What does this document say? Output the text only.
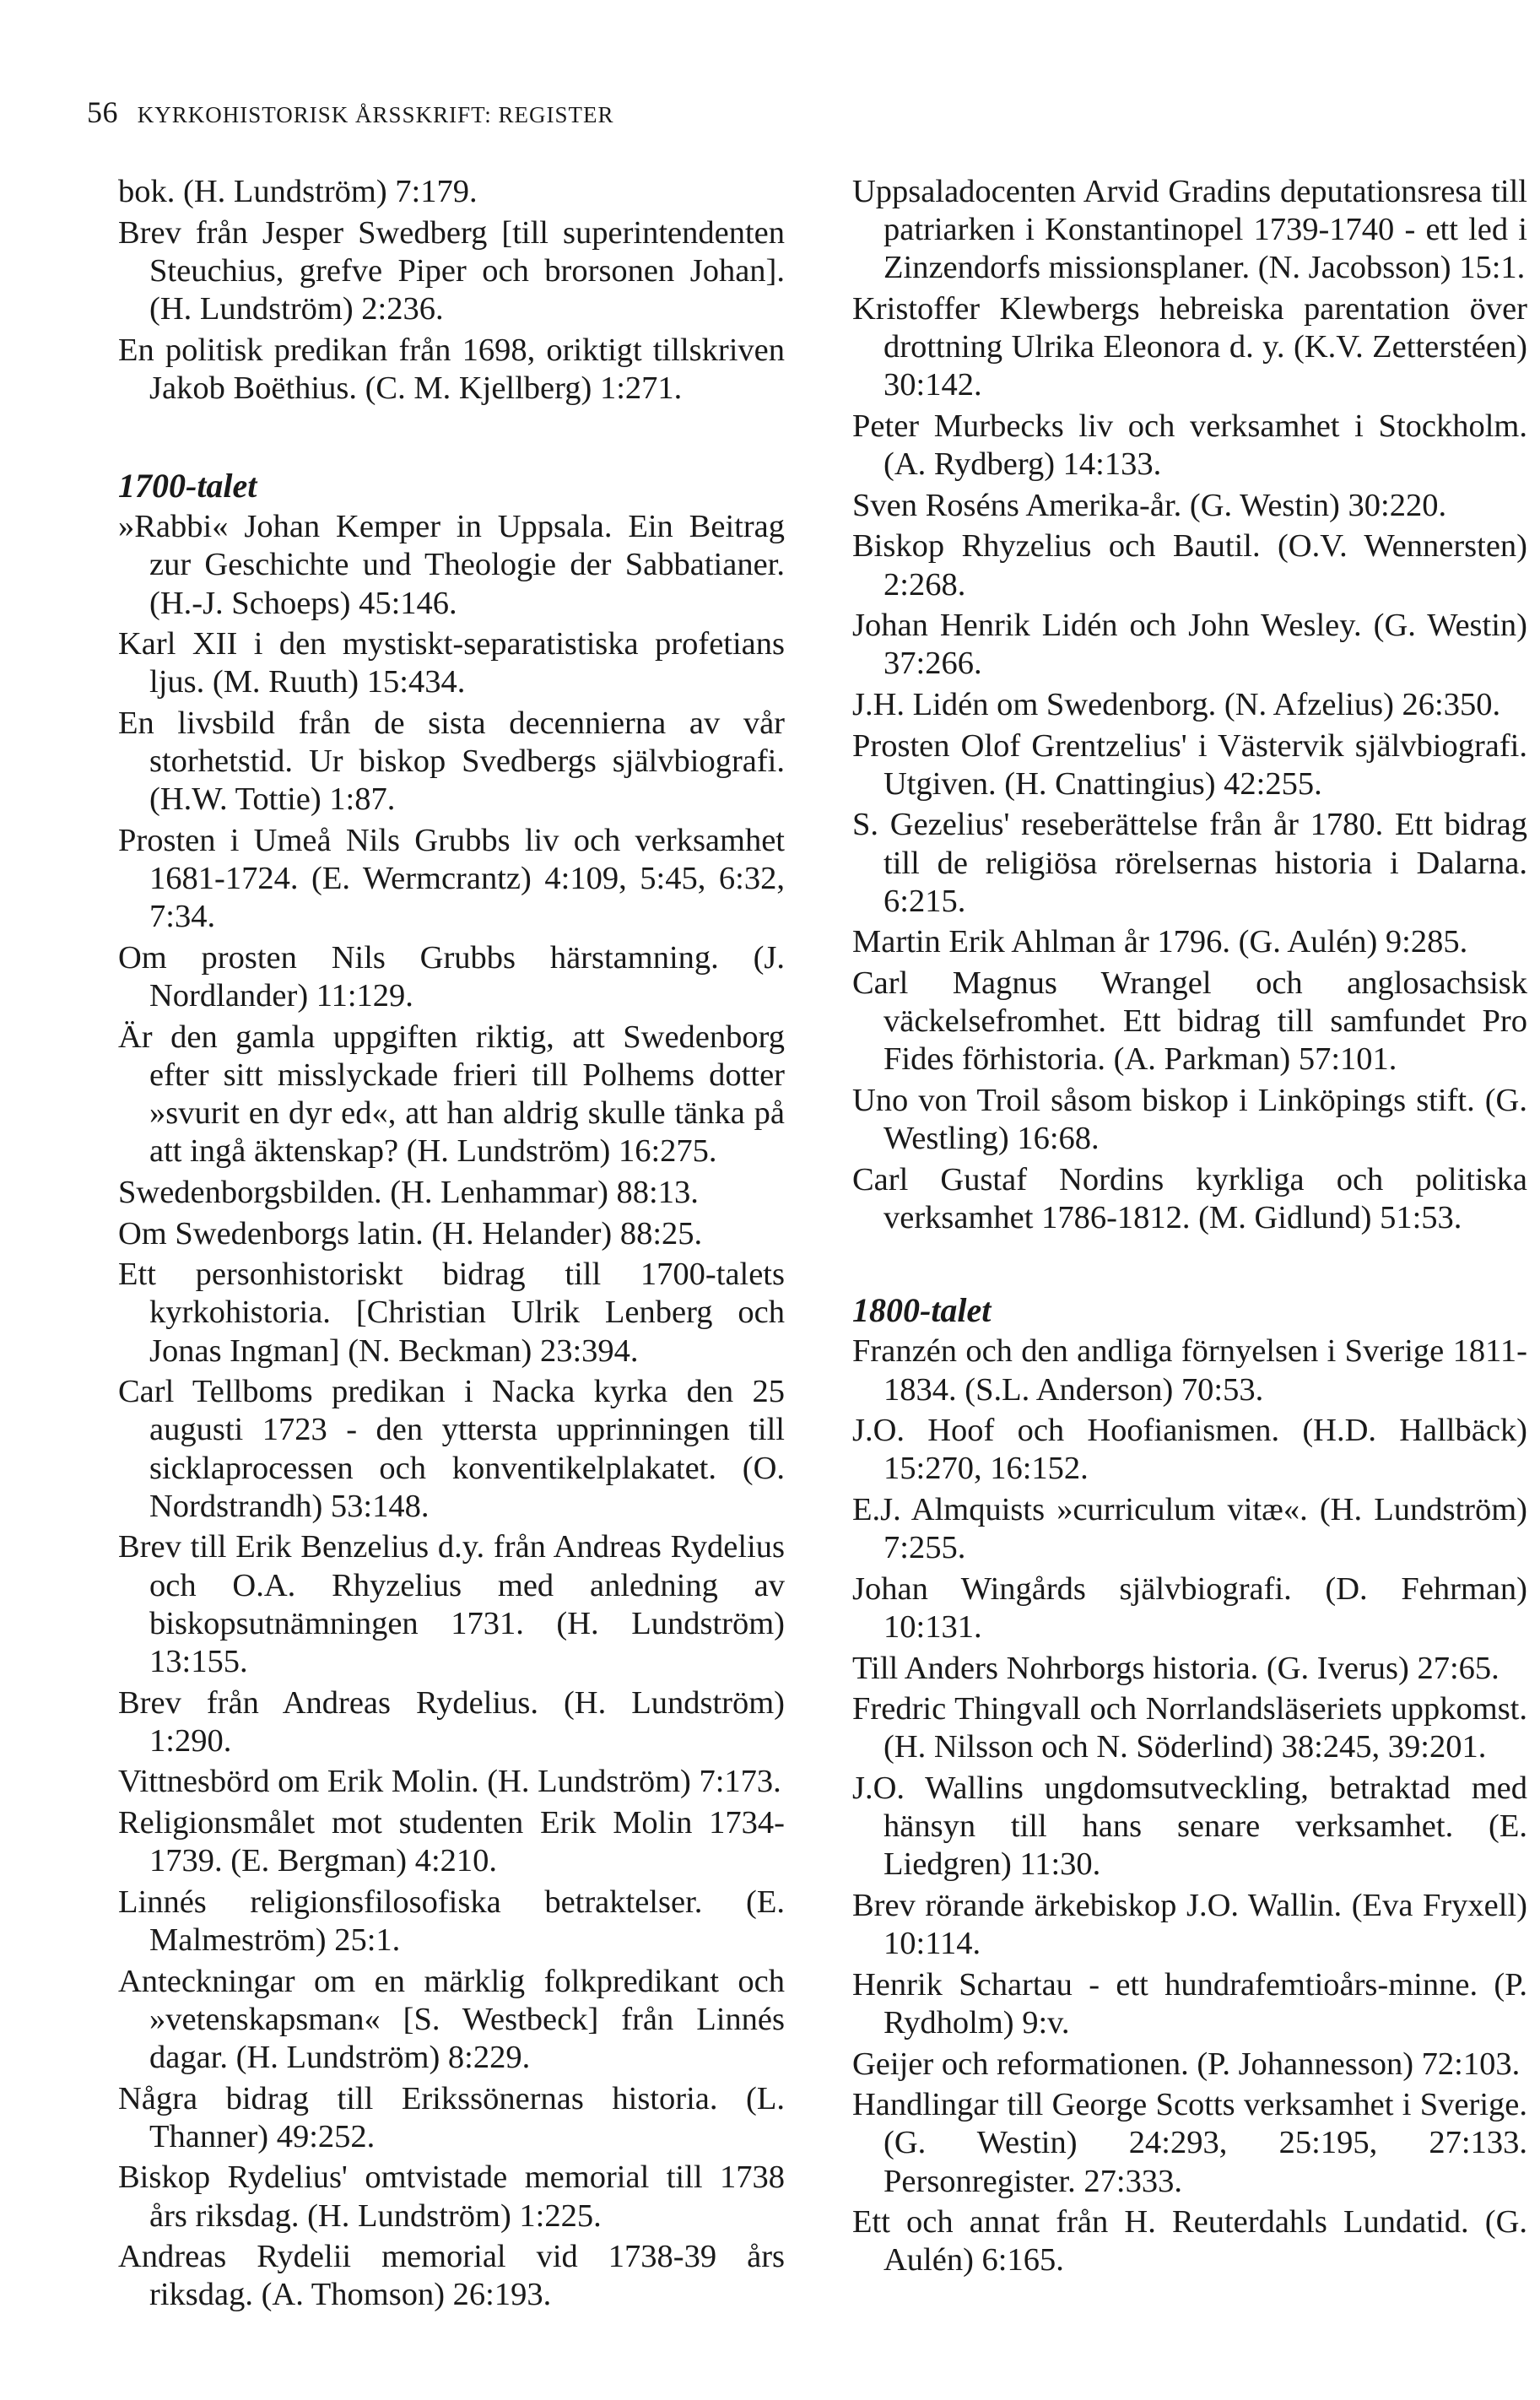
56 KYRKOHISTORISK ÅRSSKRIFT: REGISTER

bok. (H. Lundström) 7:179.

Brev från Jesper Swedberg [till superintendenten Steuchius, grefve Piper och brorsonen Johan]. (H. Lundström) 2:236.

En politisk predikan från 1698, oriktigt tillskriven Jakob Boëthius. (C. M. Kjellberg) 1:271.

1700-talet

»Rabbi« Johan Kemper in Uppsala. Ein Beitrag zur Geschichte und Theologie der Sabbatianer. (H.-J. Schoeps) 45:146.

Karl XII i den mystiskt-separatistiska profetians ljus. (M. Ruuth) 15:434.

En livsbild från de sista decennierna av vår storhetstid. Ur biskop Svedbergs självbiografi. (H.W. Tottie) 1:87.

Prosten i Umeå Nils Grubbs liv och verksamhet 1681-1724. (E. Wermcrantz) 4:109, 5:45, 6:32, 7:34.

Om prosten Nils Grubbs härstamning. (J. Nordlander) 11:129.

Är den gamla uppgiften riktig, att Swedenborg efter sitt misslyckade frieri till Polhems dotter »svurit en dyr ed«, att han aldrig skulle tänka på att ingå äktenskap? (H. Lundström) 16:275.

Swedenborgsbilden. (H. Lenhammar) 88:13.

Om Swedenborgs latin. (H. Helander) 88:25.

Ett personhistoriskt bidrag till 1700-talets kyrkohistoria. [Christian Ulrik Lenberg och Jonas Ingman] (N. Beckman) 23:394.

Carl Tellboms predikan i Nacka kyrka den 25 augusti 1723 - den yttersta upprinningen till sicklaprocessen och konventikelplakatet. (O. Nordstrandh) 53:148.

Brev till Erik Benzelius d.y. från Andreas Rydelius och O.A. Rhyzelius med anledning av biskopsutnämningen 1731. (H. Lundström) 13:155.

Brev från Andreas Rydelius. (H. Lundström) 1:290.

Vittnesbörd om Erik Molin. (H. Lundström) 7:173.

Religionsmålet mot studenten Erik Molin 1734-1739. (E. Bergman) 4:210.

Linnés religionsfilosofiska betraktelser. (E. Malmeström) 25:1.

Anteckningar om en märklig folkpredikant och »vetenskapsman« [S. Westbeck] från Linnés dagar. (H. Lundström) 8:229.

Några bidrag till Erikssönernas historia. (L. Thanner) 49:252.

Biskop Rydelius' omtvistade memorial till 1738 års riksdag. (H. Lundström) 1:225.

Andreas Rydelii memorial vid 1738-39 års riksdag. (A. Thomson) 26:193.

Uppsaladocenten Arvid Gradins deputationsresa till patriarken i Konstantinopel 1739-1740 - ett led i Zinzendorfs missionsplaner. (N. Jacobsson) 15:1.

Kristoffer Klewbergs hebreiska parentation över drottning Ulrika Eleonora d. y. (K.V. Zetterstéen) 30:142.

Peter Murbecks liv och verksamhet i Stockholm. (A. Rydberg) 14:133.

Sven Roséns Amerika-år. (G. Westin) 30:220.

Biskop Rhyzelius och Bautil. (O.V. Wennersten) 2:268.

Johan Henrik Lidén och John Wesley. (G. Westin) 37:266.

J.H. Lidén om Swedenborg. (N. Afzelius) 26:350.

Prosten Olof Grentzelius' i Västervik självbiografi. Utgiven. (H. Cnattingius) 42:255.

S. Gezelius' reseberättelse från år 1780. Ett bidrag till de religiösa rörelsernas historia i Dalarna. 6:215.

Martin Erik Ahlman år 1796. (G. Aulén) 9:285.

Carl Magnus Wrangel och anglosachsisk väckelsefromhet. Ett bidrag till samfundet Pro Fides förhistoria. (A. Parkman) 57:101.

Uno von Troil såsom biskop i Linköpings stift. (G. Westling) 16:68.

Carl Gustaf Nordins kyrkliga och politiska verksamhet 1786-1812. (M. Gidlund) 51:53.

1800-talet

Franzén och den andliga förnyelsen i Sverige 1811-1834. (S.L. Anderson) 70:53.

J.O. Hoof och Hoofianismen. (H.D. Hallbäck) 15:270, 16:152.

E.J. Almquists »curriculum vitæ«. (H. Lundström) 7:255.

Johan Wingårds självbiografi. (D. Fehrman) 10:131.

Till Anders Nohrborgs historia. (G. Iverus) 27:65.

Fredric Thingvall och Norrlandsläseriets uppkomst. (H. Nilsson och N. Söderlind) 38:245, 39:201.

J.O. Wallins ungdomsutveckling, betraktad med hänsyn till hans senare verksamhet. (E. Liedgren) 11:30.

Brev rörande ärkebiskop J.O. Wallin. (Eva Fryxell) 10:114.

Henrik Schartau - ett hundrafemtioårs-minne. (P. Rydholm) 9:v.

Geijer och reformationen. (P. Johannesson) 72:103.

Handlingar till George Scotts verksamhet i Sverige. (G. Westin) 24:293, 25:195, 27:133. Personregister. 27:333.

Ett och annat från H. Reuterdahls Lundatid. (G. Aulén) 6:165.
